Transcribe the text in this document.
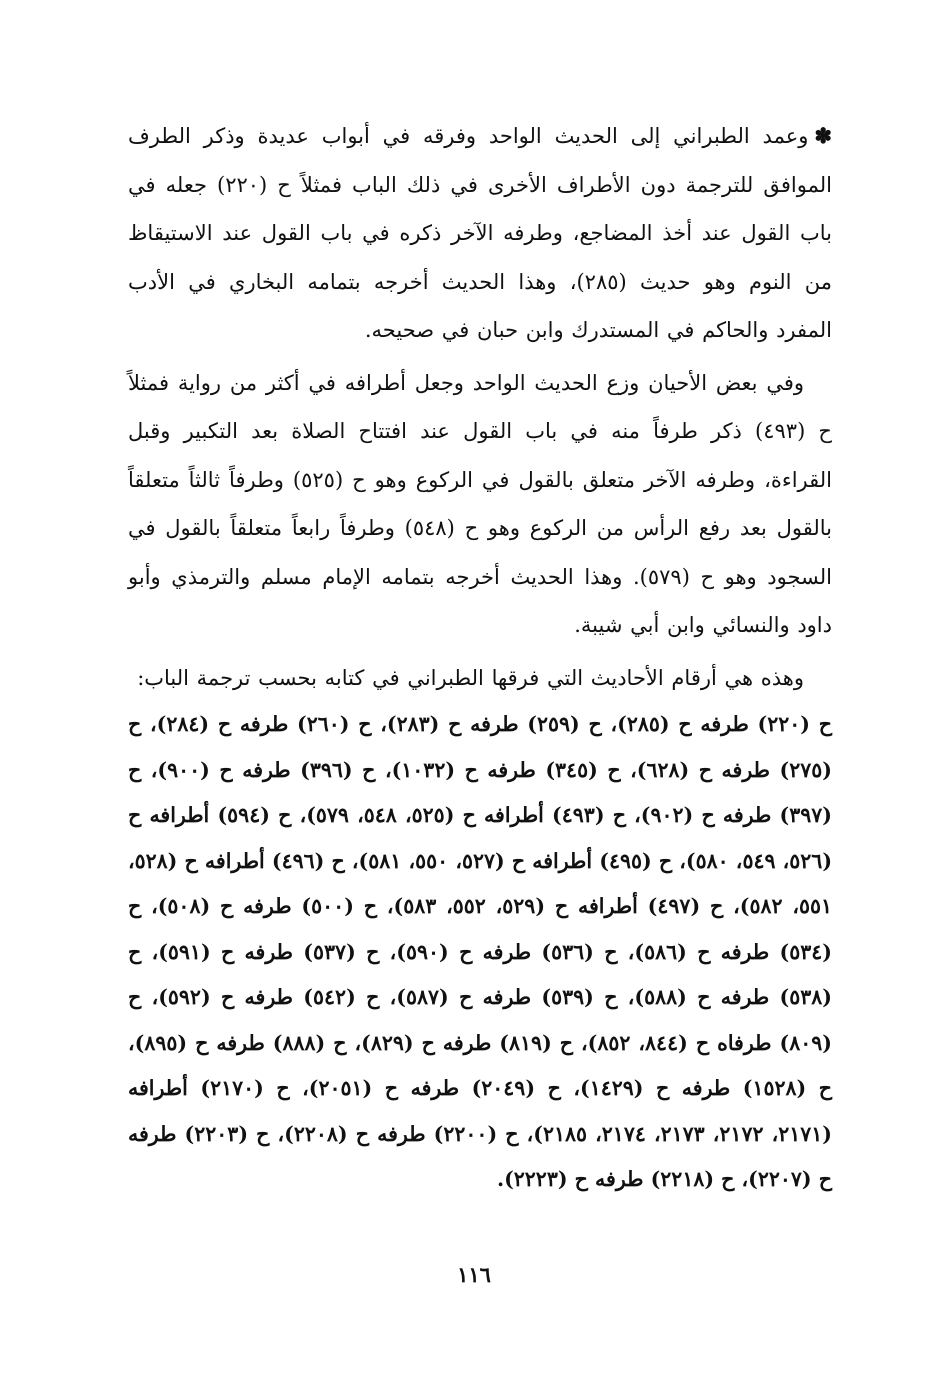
✽وعمد الطبراني إلى الحديث الواحد وفرقه في أبواب عديدة وذكر الطرف الموافق للترجمة دون الأطراف الأخرى في ذلك الباب فمثلاً ح (٢٢٠) جعله في باب القول عند أخذ المضاجع، وطرفه الآخر ذكره في باب القول عند الاستيقاظ من النوم وهو حديث (٢٨٥)، وهذا الحديث أخرجه بتمامه البخاري في الأدب المفرد والحاكم في المستدرك وابن حبان في صحيحه.

وفي بعض الأحيان وزع الحديث الواحد وجعل أطرافه في أكثر من رواية فمثلاً ح (٤٩٣) ذكر طرفاً منه في باب القول عند افتتاح الصلاة بعد التكبير وقبل القراءة، وطرفه الآخر متعلق بالقول في الركوع وهو ح (٥٢٥) وطرفاً ثالثاً متعلقاً بالقول بعد رفع الرأس من الركوع وهو ح (٥٤٨) وطرفاً رابعاً متعلقاً بالقول في السجود وهو ح (٥٧٩). وهذا الحديث أخرجه بتمامه الإمام مسلم والترمذي وأبو داود والنسائي وابن أبي شيبة.

وهذه هي أرقام الأحاديث التي فرقها الطبراني في كتابه بحسب ترجمة الباب:

ح (٢٢٠) طرفه ح (٢٨٥)، ح (٢٥٩) طرفه ح (٢٨٣)، ح (٢٦٠) طرفه ح (٢٨٤)، ح (٢٧٥) طرفه ح (٦٢٨)، ح (٣٤٥) طرفه ح (١٠٣٢)، ح (٣٩٦) طرفه ح (٩٠٠)، ح (٣٩٧) طرفه ح (٩٠٢)، ح (٤٩٣) أطرافه ح (٥٢٥، ٥٤٨، ٥٧٩)، ح (٥٩٤) أطرافه ح (٥٢٦، ٥٤٩، ٥٨٠)، ح (٤٩٥) أطرافه ح (٥٢٧، ٥٥٠، ٥٨١)، ح (٤٩٦) أطرافه ح (٥٢٨، ٥٥١، ٥٨٢)، ح (٤٩٧) أطرافه ح (٥٢٩، ٥٥٢، ٥٨٣)، ح (٥٠٠) طرفه ح (٥٠٨)، ح (٥٣٤) طرفه ح (٥٨٦)، ح (٥٣٦) طرفه ح (٥٩٠)، ح (٥٣٧) طرفه ح (٥٩١)، ح (٥٣٨) طرفه ح (٥٨٨)، ح (٥٣٩) طرفه ح (٥٨٧)، ح (٥٤٢) طرفه ح (٥٩٢)، ح (٨٠٩) طرفاه ح (٨٤٤، ٨٥٢)، ح (٨١٩) طرفه ح (٨٢٩)، ح (٨٨٨) طرفه ح (٨٩٥)، ح (١٥٢٨) طرفه ح (١٤٢٩)، ح (٢٠٤٩) طرفه ح (٢٠٥١)، ح (٢١٧٠) أطرافه (٢١٧١، ٢١٧٢، ٢١٧٣، ٢١٧٤، ٢١٨٥)، ح (٢٢٠٠) طرفه ح (٢٢٠٨)، ح (٢٢٠٣) طرفه ح (٢٢٠٧)، ح (٢٢١٨) طرفه ح (٢٢٢٣).

١١٦
